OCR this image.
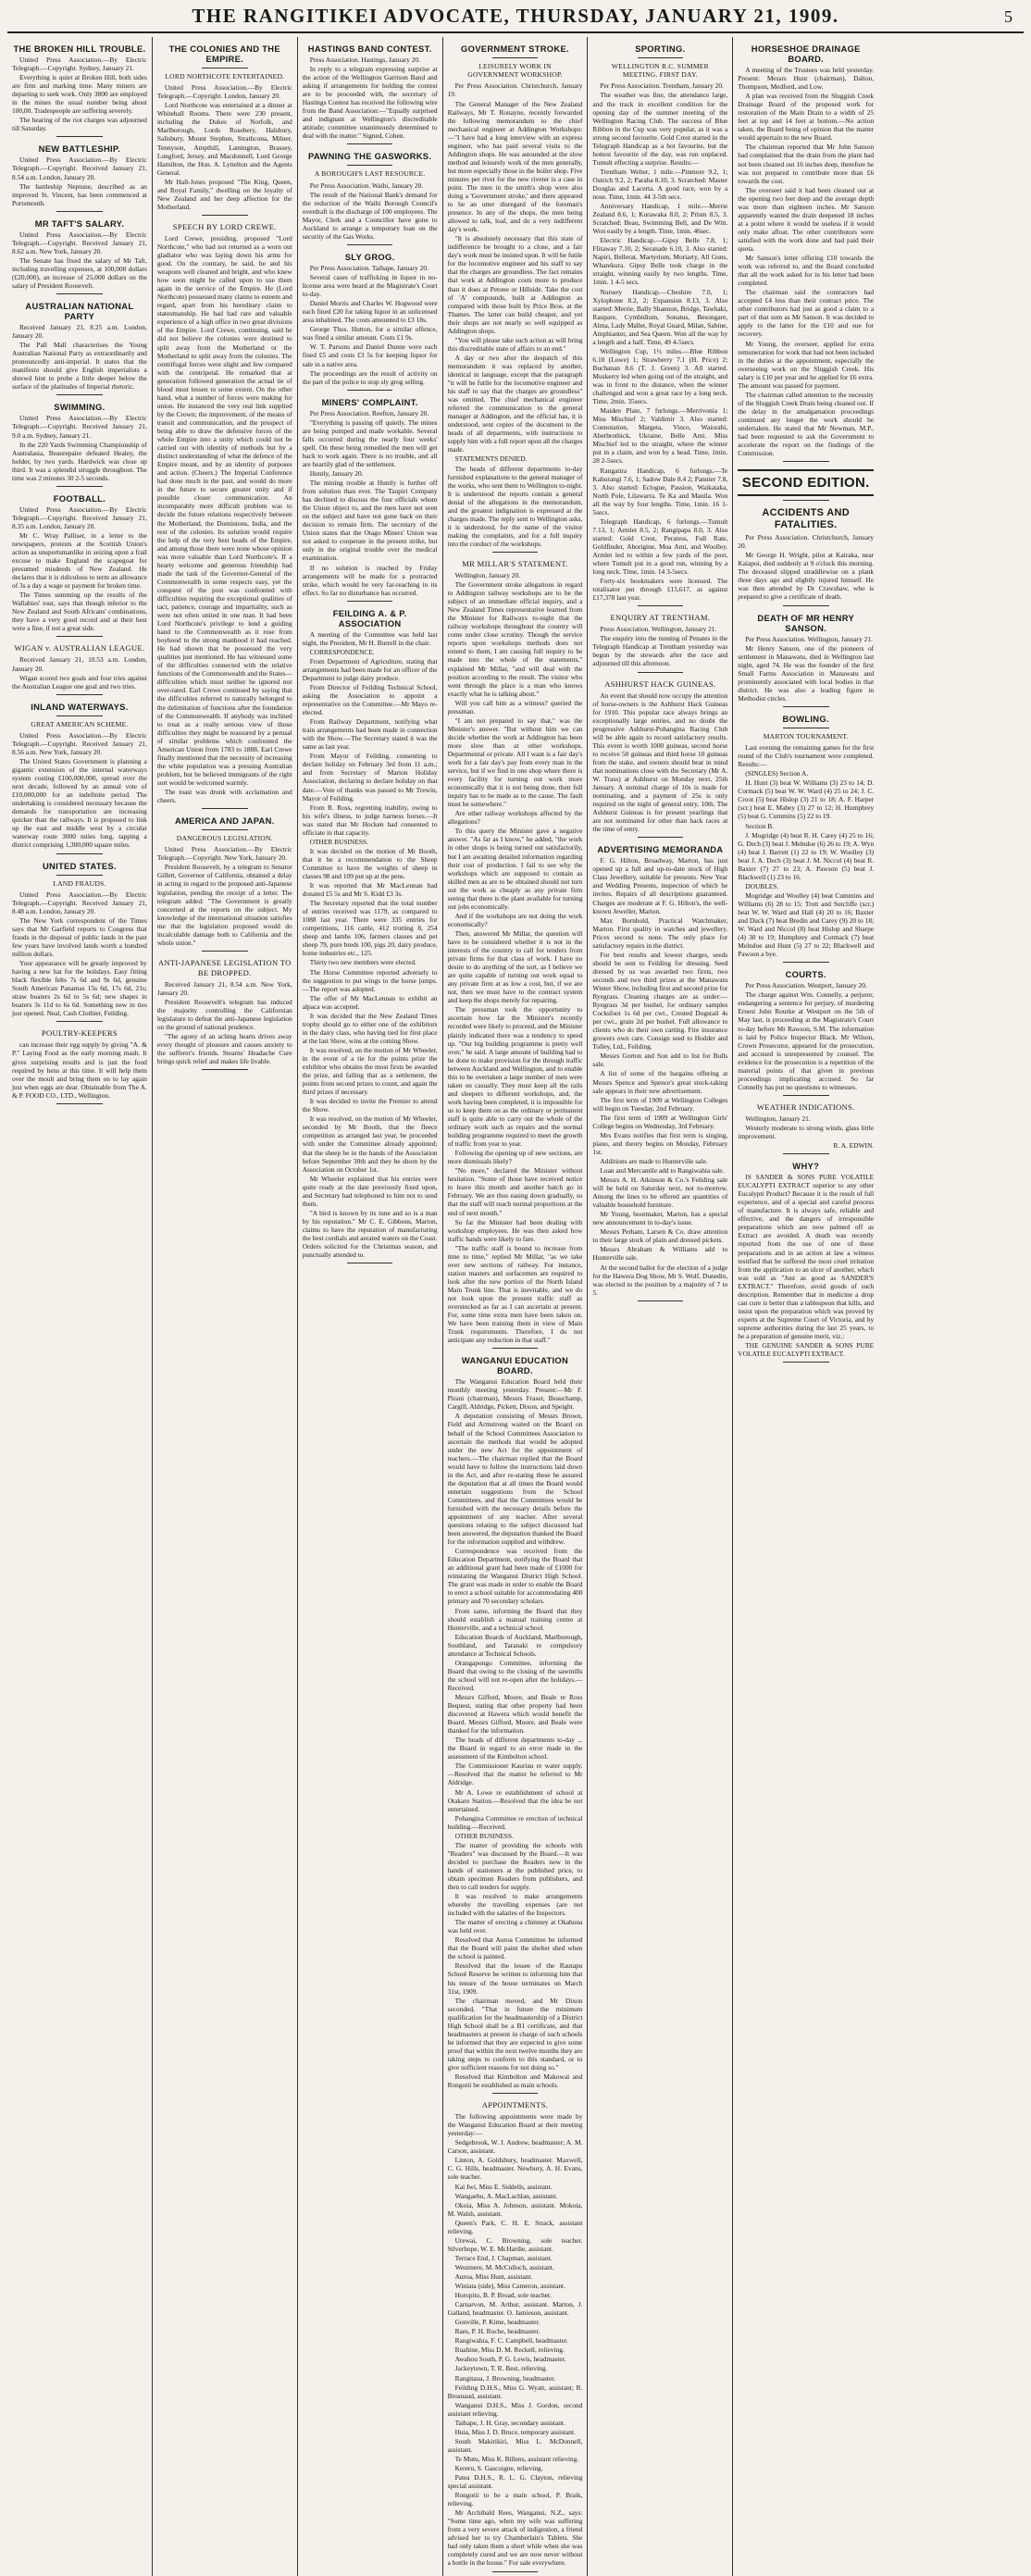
THE RANGITIKEI ADVOCATE, THURSDAY, JANUARY 21, 1909.	5
THE BROKEN HILL TROUBLE.

United Press Association.—By Electric Telegraph.—Copyright. Sydney, January 21.

Everything is quiet at Broken Hill, both sides are firm and marking time. Many miners are departing to seek work. Only 3800 are employed in the mines the usual number being about 100,00. Tradespeople are suffering severely.

The hearing of the riot charges was adjourned till Saturday.

NEW BATTLESHIP.

United Press Association.—By Electric Telegraph.—Copyright. Received January 21, 8.54 a.m. London, January 20.

The battleship Neptune, described as an improved St. Vincent, has been commenced at Portsmouth.

MR TAFT'S SALARY.

United Press Association.—By Electric Telegraph.—Copyright. Received January 21, 8.62 a.m. New York, January 20.

The Senate has fixed the salary of Mr Taft, including travelling expenses, at 100,000 dollars (£20,000), an increase of 25,000 dollars on the salary of President Roosevelt.

AUSTRALIAN NATIONAL PARTY

Received January 21, 8.25 a.m. London, January 20.

The Pall Mall characterises the Young Australian National Party as extraordinarily and pronouncedly anti-imperial. It states that the manifesto should give English imperialists a shrewd hint to probe a little deeper below the surface of the platitudes of Imperial rhetoric.

SWIMMING.

United Press Association.—By Electric Telegraph.—Copyright. Received January 21, 9.0 a.m. Sydney, January 21.

In the 220 Yards Swimming Championship of Australasia, Beaurepaire defeated Healey, the holder, by two yards. Hardwick was close up third. It was a splendid struggle throughout. The time was 2 minutes 30 2-5 seconds.

FOOTBALL.

United Press Association.—By Electric Telegraph.—Copyright. Received January 21, 8.35 a.m. London, January 20.

Mr C. Wray Palliser, in a letter to the newspapers, protests at the Scottish Union's action as unsportsmanlike in seizing upon a frail excuse to make England the scapegoat for presumed misdeeds of New Zealand. He declares that it is ridiculous to term an allowance of 3s a day a wage or payment for broken time.

The Times summing up the results of the Wallabies' tour, says that though inferior to the New Zealand and South Africans' combinations, they have a very good record and at their best were a fine, if not a great side.

WIGAN v. AUSTRALIAN LEAGUE.

Received January 21, 10.53 a.m. London, January 20.

Wigan scored two goals and four tries against the Australian League one goal and two tries.

INLAND WATERWAYS.
GREAT AMERICAN SCHEME.

United Press Association.—By Electric Telegraph.—Copyright. Received January 21, 8.56 a.m. New York, January 20.

The United States Government is planning a gigantic extension of the internal waterways system costing £100,000,000, spread over the next decade, followed by an annual vote of £10,000,000 for an indefinite period. The undertaking is considered necessary because the demands for transportation are increasing quicker than the railways. It is proposed to link up the east and middle west by a circular waterway route 3000 miles long, tapping a district comprising 1,300,000 square miles.

UNITED STATES.
LAND FRAUDS.

United Press Association.—By Electric Telegraph.—Copyright. Received January 21, 8.48 a.m. London, January 20.

The New York correspondent of the Times says that Mr Garfield reports to Congress that frauds in the disposal of public lands in the past few years have involved lands worth a hundred million dollars.

Your appearance will be greatly improved by having a new hat for the holidays. Easy fitting black flexible felts 7s 6d and 9s 6d, genuine South American Panamas 15s 6d, 17s 6d, 21s; straw boaters 2s 6d to 5s 6d; new shapes in boaters 3s 11d to 6s 6d. Something new in ties just opened. Neal, Cash Clothier, Feilding.

POULTRY-KEEPERS

can increase their egg supply by giving "A. & P." Laying Food as the early morning mash. It gives surprising results and is just the food required by hens at this time. It will help them over the moult and bring them on to lay again just when eggs are dear. Obtainable from The A. & P. FOOD CO., LTD., Wellington.

THE COLONIES AND THE EMPIRE.
LORD NORTHCOTE ENTERTAINED.

United Press Association.—By Electric Telegraph.—Copyright. London, January 20.

Lord Northcote was entertained at a dinner at Whitehall Rooms. There were 230 present, including the Dukes of Norfolk, and Marlborough, Lords Rosebery, Halsbury, Salisbury, Mount Stephen, Strathcona, Milner, Tennyson, Ampthill, Lamington, Brassey, Longford, Jersey, and Macdonnell, Lord George Hamilton, the Hon. A. Lyttelton and the Agents General.

Mr Hall-Jones proposed "The King, Queen, and Royal Family," dwelling on the loyalty of New Zealand and her deep affection for the Motherland.

SPEECH BY LORD CREWE.

Lord Crewe, presiding, proposed "Lord Northcote," who had not returned as a worn out gladiator who was laying down his arms for good. On the contrary, he said, he and his weapons well cleaned and bright, and who knew how soon might be called upon to use them again in the service of the Empire. He (Lord Northcote) possessed many claims to esteem and regard, apart from his hereditary claim to statesmanship. He had had rare and valuable experience of a high office in two great divisions of the Empire. Lord Crewe, continuing, said he did not believe the colonies were destined to split away from the Motherland or the Motherland to split away from the colonies. The centrifugal forces were slight and few compared with the centripetal. He remarked that at generation followed generation the actual tie of blood must lessen to some extent. On the other hand, what a number of forces were making for union. He instanced the very real link supplied by the Crown; the improvement, of the means of transit and communication, and the prospect of being able to draw the defensive forces of the whole Empire into a unity which could not be carried out with identity of methods but by a distinct understanding of what the defence of the Empire meant, and by an identity of purposes and action. (Cheers.) The Imperial Conference had done much in the past, and would do more in the future to secure greater unity and if possible closer communication. An incomparably more difficult problem was to decide the future relations respectively between the Motherland, the Dominions, India, and the rest of the colonies. Its solution would require the help of the very best heads of the Empire, and among those there were none whose opinion was more valuable than Lord Northcote's. If a hearty welcome and generous friendship had made the task of the Governor-General of the Commonwealth in some respects easy, yet the conquest of the post was confronted with difficulties requiring the exceptional qualities of tact, patience, courage and impartiality, such as were not often united in one man. It had been Lord Northcote's privilege to lend a guiding hand to the Commonwealth as it rose from boyhood to the strong manhood it had reached. He had shown that he possessed the very qualities just mentioned. He has witnessed some of the difficulties connected with the relative functions of the Commonwealth and the States—difficulties which must neither be ignored nor over-rated. Earl Crewe continued by saying that the difficulties referred to naturally belonged to the delimitation of functions after the foundation of the Commonwealth. If anybody was inclined to treat as a really serious view of those difficulties they might be reassured by a perusal of similar problems which confronted the American Union from 1783 to 1888. Earl Crewe finally mentioned that the necessity of increasing the white population was a pressing Australian problem, but he believed immigrants of the right sort would be welcomed warmly.

The toast was drunk with acclamation and cheers.

AMERICA AND JAPAN.
DANGEROUS LEGISLATION.

United Press Association.—By Electric Telegraph.—Copyright. New York, January 20.

President Roosevelt, by a telegram to Senator Gillett, Governor of California, obtained a delay in acting in regard to the proposed anti-Japanese legislation, pending the receipt of a letter. The telegram added: "The Government is greatly concerned at the reports on the subject. My knowledge of the international situation satisfies me that the legislation proposed would do incalculable damage both to California and the whole union."

ANTI-JAPANESE LEGISLATION TO BE DROPPED.

Received January 21, 8.54 a.m. New York, January 20.

President Roosevelt's telegram has induced the majority controlling the Californian legislature to defeat the anti-Japanese legislation on the ground of national prudence.

"The agony of an aching hearts drives away every thought of pleasure and causes anxiety to the sufferer's friends. Stearns' Headache Cure brings quick relief and makes life livable.

HASTINGS BAND CONTEST.

Press Association. Hastings, January 20.

In reply to a telegram expressing surprise at the action of the Wellington Garrison Band and asking if arrangements for holding the contest are to be proceeded with, the secretary of Hastings Contest has received the following wire from the Band Association:—"Equally surprised and indignant at Wellington's discreditable attitude; committee unanimously determined to deal with the matter." Signed, Cohen.

PAWNING THE GASWORKS.
A BOROUGH'S LAST RESOURCE.

Per Press Association. Waihi, January 20.

The result of the National Bank's demand for the reduction of the Waihi Borough Council's overdraft is the discharge of 100 employees. The Mayor, Clerk and a Councillor have gone to Auckland to arrange a temporary loan on the security of the Gas Works.

SLY GROG.

Per Press Association. Taihape, January 20.

Several cases of trafficking in liquor in no-license area were heard at the Magistrate's Court to-day.

Daniel Morris and Charles W. Hogwood were each fined £20 for taking liquor in an unlicensed area inhabited. The costs amounted to £3 18s.

George Thos. Hutton, for a similar offence, was fined a similar amount. Costs £1 9s.

W. T. Parsons and Daniel Dunne were each fined £5 and costs £3 5s for keeping liquor for sale in a native area.

The proceedings are the result of activity on the part of the police to stop sly grog selling.

MINERS' COMPLAINT.

Per Press Association. Reefton, January 20.

"Everything is passing off quietly. The mines are being pumped and made workable. Several falls occurred during the nearly four weeks' spell. On these being remedied the men will get back to work again. There is no trouble, and all are heartily glad of the settlement.

Huntly, January 20.

The mining trouble at Huntly is further off from solution than ever. The Taupiri Company has declined to discuss the four officials whom the Union object to, and the men have not seen on the subject and have not gone back on their decision to remain firm. The secretary of the Union states that the Otago Miners' Union was not asked to cooperate in the present strike, but only in the original trouble over the medical examination.

If no solution is reached by Friday arrangements will be made for a protracted strike, which would be very far-reaching in its effect. So far no disturbance has occurred.

FEILDING A. & P. ASSOCIATION

A meeting of the Committee was held last night, the President, Mr H. Burrell in the chair.

CORRESPONDENCE.

From Department of Agriculture, stating that arrangements had been made for an officer of the Department to judge dairy produce.

From Director of Feilding Technical School, asking the Association to appoint a representative on the Committee.—Mr Mayo re-elected.

From Railway Department, notifying what train arrangements had been made in connection with the Show.—The Secretary stated it was the same as last year.

From Mayor of Feilding, consenting to declare holiday on February 3rd from 11 a.m.; and from Secretary of Marton Holiday Association, declaring to declare holiday on that date.—Vote of thanks was passed to Mr Trewin, Mayor of Feilding.

From R. Ross, regretting inability, owing to his wife's illness, to judge harness horses.—It was stated that Mr Hocken had consented to officiate in that capacity.

OTHER BUSINESS.

It was decided on the motion of Mr Booth, that it be a recommendation to the Sheep Committee to have the weights of sheep in classes 98 and 109 put up at the pens.

It was reported that Mr MacLennan had donated £5 5s and Mr S. Kidd £3 3s.

The Secretary reported that the total number of entries received was 1179, as compared to 1088 last year. There were 335 entries for competitions, 116 cattle, 412 trotting 8, 254 sheep and lambs 106, farmers classes and pet sheep 79, pure breds 100, pigs 20, dairy produce, home industries etc., 125.

Thirty two new members were elected.

The Horse Committee reported adversely to the suggestion to put wings to the horse jumps.—The report was adopted.

The offer of Mr MacLennan to exhibit an alpaca was accepted.

It was decided that the New Zealand Times trophy should go to either one of the exhibitors in the dairy class, who having tied for first place at the last Show, wins at the coming Show.

It was resolved, on the motion of Mr Wheeler, in the event of a tie for the points prize the exhibitor who obtains the most firsts be awarded the prize, and failing that as a settlement, the points from second prizes to count, and again the third prizes if necessary.

It was decided to invite the Premier to attend the Show.

It was resolved, on the motion of Mr Wheeler, seconded by Mr Booth, that the fleece competition as arranged last year, be proceeded with under the Committee already appointed; that the sheep be in the hands of the Association before September 30th and they be shorn by the Association on October 1st.

Mr Wheeler explained that his entries were quite ready at the date previously fixed upon, and Secretary had telephoned to him not to send them.

"A bird is known by its tune and so is a man by his reputation." Mr C. E. Gibbons, Marton, claims to have the reputation of manufacturing the best cordials and aerated waters on the Coast. Orders solicited for the Christmas season, and punctually attended to.

GOVERNMENT STROKE.
LEISURELY WORK IN GOVERNMENT WORKSHOP.

Per Press Association. Christchurch, January 19.

The General Manager of the New Zealand Railways, Mr T. Ronayne, recently forwarded the following memorandum to the chief mechanical engineer at Addington Workshops:—"I have had a long interview with an express engineer, who has paid several visits to the Addington shops. He was astounded at the slow method and leisurely work of the men generally, but more especially those in the boiler shop. Five minutes per rivet for the new riveter is a case in point. The men in the smith's shop were also doing a 'Government stroke,' and there appeared to be an utter disregard of the foreman's presence. In any of the shops, the men being allowed to talk, loaf, and do a very indifferent day's work.

"It is absolutely necessary that this state of indifference be brought to a close, and a fair day's work must be insisted upon. It will be futile for the locomotive engineer and his staff to say that the charges are groundless. The fact remains that work at Addington costs more to produce than it does at Petone or Hillside. Take the cost of 'A' compounds, built at Addington as compared with those built by Price Bros. at the Thames. The latter can build cheaper, and yet their shops are not nearly so well equipped as Addington shops.

"You will please take such action as will bring this discreditable state of affairs to an end."

A day or two after the despatch of this memorandum it was replaced by another, identical in language, except that the paragraph "it will be futile for the locomotive engineer and his staff to say that the charges are groundless" was omitted. The chief mechanical engineer referred the communication to the general manager at Addington, and the official has, it is understood, sent copies of the document to the heads of all departments, with instructions to supply him with a full report upon all the charges made.

STATEMENTS DENIED.

The heads of different departments to-day furnished explanations to the general manager of the works, who sent them to Wellington to-night. It is understood the reports contain a general denial of the allegations in the memorandum, and the greatest indignation is expressed at the charges made. The reply sent to Wellington asks, it is understood, for the name of the visitor making the complaints, and for a full inquiry into the conduct of the workshops.

MR MILLAR'S STATEMENT.

Wellington, January 20.

The Government stroke allegations in regard to Addington railway workshops are to be the subject of an immediate official inquiry, and a New Zealand Times representative learned from the Minister for Railways to-night that the railway workshops throughout the country will come under close scrutiny. Though the service reports upon workshops methods does not extend to them, I am causing full inquiry to be made into the whole of the statements," explained Mr Millar, "and will deal with the position according to the result. The visitor who went through the place is a man who knows exactly what he is talking about."

Will you call him as a witness? queried the pressman.

"I am not prepared to say that," was the Minister's answer. "But without him we can decide whether the work at Addington has been more slow than at other workshops. Departmental or private. All I want is a fair day's work for a fair day's pay from every man in the service, but if we find in one shop where there is every facility for turning out work more economically that it is not being done, then full inquiry has to be made as to the cause. The fault must be somewhere."

Are other railway workshops affected by the allegations?

To this query the Minister gave a negative answer. "As far as I know," he added, "the work in other shops is being turned out satisfactorily, but I am awaiting detailed information regarding their cost of production. I fail to see why the workshops which are supposed to contain as skilled men as are to be obtained should not turn out the work as cheaply as any private firm seeing that there is the plant available for turning out jobs economically.

And if the workshops are not doing the work economically?

Then, answered Mr Millar, the question will have to be considered whether it is not in the interests of the country to call for tenders from private firms for that class of work. I have no desire to do anything of the sort, as I believe we are quite capable of turning out work equal to any private firm at as low a cost, but, if we are not, then we must have to the contract system and keep the shops merely for repairing.

The pressman took the opportunity to ascertain how far the Minister's recently recorded were likely to proceed, and the Minister plainly indicated there was a tendency to speed up. "Our big building programme is pretty well over," he said. A large amount of building had to be done to make provision for the through traffic between Auckland and Wellington, and to enable this to be overtaken a large number of men were taken on casually. They must keep all the rails and sleepers to different workshops, and, the work having been completed, it is impossible for us to keep them on as the ordinary or permanent staff is quite able to carry out the whole of the ordinary work such as repairs and the normal building programme required to meet the growth of traffic from year to year.

Following the opening up of new sections, are more dismissals likely?

"No more," declared the Minister without hesitation. "Some of those have received notice to leave this month and another batch go in February. We are thus easing down gradually, so that the staff will reach normal proportions at the end of next month."

So far the Minister had been dealing with workshop employees. He was then asked how traffic hands were likely to fare.

"The traffic staff is bound to increase from time to time," replied Mr Millar, "as we take over new sections of railway. For instance, station masters and surfacemen are required to look after the new portion of the North Island Main Trunk line. That is inevitable, and we do not look upon the present traffic staff as overstocked as far as I can ascertain at present. For, some time extra men have been taken on. We have been training them in view of Main Trunk requirements. Therefore, I do not anticipate any reduction in that staff."

WANGANUI EDUCATION BOARD.

The Wanganui Education Board held their monthly meeting yesterday. Present:—Mr F. Pirani (chairman), Messrs Fraser, Beauchamp, Cargill, Aldridge, Pickett, Dixon, and Speight.

A deputation consisting of Messrs Brown, Field and Armstrong waited on the Board on behalf of the School Committees Association to ascertain the methods that would be adopted under the new Act for the appointment of teachers.—The chairman replied that the Board would have to follow the instructions laid down in the Act, and after re-stating these he assured the deputation that at all times the Board would entertain suggestions from the School Committees, and that the Committees would be furnished with the necessary details before the appointment of any teacher. After several questions relating to the subject discussed had been answered, the deputation thanked the Board for the information supplied and withdrew.

Correspondence was received from the Education Department, notifying the Board that an additional grant had been made of £1000 for reinstating the Wanganui District High School. The grant was made in order to enable the Board to erect a school suitable for accommodating 400 primary and 70 secondary scholars.

From same, informing the Board that they should establish a manual training centre at Hunterville, and a technical school.

Education Boards of Auckland, Marlborough, Southland, and Taranaki re compulsory attendance at Technical Schools.

Orangapongo Committee, informing the Board that owing to the closing of the sawmills the school will not re-open after the holidays.—Received.

Messrs Gifford, Moore, and Beale re Ross Bequest, stating that other property had been discovered at Hawera which would benefit the Board. Messrs Gifford, Moore, and Beale were thanked for the information.

The heads of different departments to-day ... the Board in regard to an error made in the assessment of the Kimbolton school.

The Commissioner Kauriau re water supply.—Resolved that the matter be referred to Mr Aldridge.

Mr A. Lowe re establishment of school at Otakaro Station.—Resolved that the idea be not entertained.

Pohangina Committee re erection of technical building.—Received.

OTHER BUSINESS.

The matter of providing the schools with "Readers" was discussed by the Board.—It was decided to purchase the Readers now in the hands of stationers at the published price, to obtain specimen Readers from publishers, and then to call tenders for supply.

It was resolved to make arrangements whereby the travelling expenses (are not included with the salaries of the Inspectors.

The matter of erecting a chimney at Okahuna was held over.

Resolved that Auroa Committee be informed that the Board will paint the shelter shed when the school is painted.

Resolved that the lessee of the Rautapu School Reserve be written to informing him that his tenure of the house terminates on March 31st, 1909.

The chairman moved, and Mr Dixon seconded, "That in future the minimum qualification for the headmastership of a District High School shall be a B1 certificate, and that headmasters at present in charge of such schools be informed that they are expected to give some proof that within the next twelve months they are taking steps to conform to this standard, or to give sufficient reasons for not doing so."

Resolved that Kimbolton and Makowai and Rongotii be established as main schools.

APPOINTMENTS.

The following appointments were made by the Wanganui Education Board at their meeting yesterday:—

Sedgebrook, W. J. Andrew, headmaster; A. M. Carson, assistant.

Linton, A. Goldsbury, headmaster. Maxwell, C. G. Hills, headmaster. Newbury, A. H. Evans, sole teacher.

Kai Iwi, Miss E. Siddells, assistant.

Wangaehu, A. MacLachlan, assistant.

Okoia, Miss A. Johnson, assistant. Mokoia, M. Walsh, assistant.

Queen's Park, C. H. E. Strack, assistant relieving.

Urewai, C. Browning, sole teacher. Silverhope, W. E. McHardie, assistant.

Terrace End, J. Chapman, assistant.

Westmere, M. McCulloch, assistant.

Auroa, Miss Hunt, assistant.

Winiata (side), Miss Cameron, assistant.

Horopito, B. P. Broad, sole teacher.

Carnarvon, M. Arthur, assistant. Marton, J. Galland, headmaster. O. Jamieson, assistant.

Gonville, P. Kime, headmaster.

Raes, P. H. Roche, headmaster.

Rangiwahia, F. C. Campbell, headmaster.

Ruahine, Miss D. M. Reckell, relieving.

Awahou South, P. G. Lewis, headmaster.

Jackeytown, T. R. Best, relieving.

Rangitaua, J. Browning, headmaster.

Feilding D.H.S., Miss G. Wyatt, assistant; R. Brosnaud, assistant.

Wanganui D.H.S., Miss J. Gordon, second assistant relieving.

Taihape, J. H. Gray, secondary assistant.

Huia, Miss J. D. Bruce, temporary assistant.

South Makirikiri, Miss L. McDonnell, assistant.

Te Mutu, Miss K. Billens, assistant relieving.

Kereru, S. Gascoigne, relieving.

Patea D.H.S., R. L. G. Clayton, relieving special assistant.

Rongotii to be a main school, P. Braik, relieving.

Mr Archibald Rees, Wanganui, N.Z., says: "Some time ago, when my wife was suffering from a very severe attack of indigestion, a friend advised her to try Chamberlain's Tablets. She had only taken them a short while when she was completely cured and we are now never without a bottle in the house." For sale everywhere.

SPORTING.
WELLINGTON R.C. SUMMER MEETING. FIRST DAY.

Per Press Association. Trentham, January 20.

The weather was fine, the attendance large, and the track in excellent condition for the opening day of the summer meeting of the Wellington Racing Club. The success of Blue Ribbon in the Cup was very popular, as it was a strong second favourite. Gold Crest started in the Telegraph Handicap as a hot favourite, but the hottest favourite of the day, was run unplaced. Tumult effecting a surprise. Results:—

Trentham Welter, 1 mile.—Pinmore 9.2, 1; Ostrich 9.2, 2; Paraha 8.10, 3. Scratched: Master Douglas and Lacerta. A good race, won by a nose. Time, 1min. 44 3-5th secs.

Anniversary Handicap, 1 mile.—Merrie Zealand 8.6, 1; Kurawaka 8.0, 2; Prism 8.5, 3. Scratched: Beau, Swimming Bell, and De Witt. Won easily by a length. Time, 1min. 46sec.

Electric Handicap.—Gipsy Belle 7.8, 1; Flitaway 7.10, 2; Seranade 6.10, 3. Also started: Napiri, Bellerat, Martyrium, Moriarty, All Guns, Wharekura. Gipsy Belle took charge in the straight, winning easily by two lengths. Time, 1min. 1 4-5 secs.

Nursery Handicap.—Cheshire 7.0, 1; Xylophone 8.2, 2; Expansion 8.13, 3. Also started: Merrie, Bally Shannon, Bridge, Tawhaki, Raupare, Cymbidium, Sonatus, Besongare, Alma, Lady Mallet, Royal Guard, Milan, Sabine, Amphianter, and Sea Queen. Won all the way by a length and a half. Time, 49 4-5secs.

Wellington Cup, 1½ miles.—Blue Ribbon 6.10 (Lowe) 1; Strawberry 7.1 (H. Price) 2; Buchanan 8.6 (T. J. Green) 3. All started. Muskerry led when going out of the straight, and was in front to the distance, when the winner challenged and won a great race by a long neck. Time, 2min. 35secs.

Maiden Plate, 7 furlongs.—Merrivonia 1; Miss Mischief 2; Valdimir 3. Also started: Connotation, Margeta, Vinco, Waiorahi, Aberbrothick, Ukraine, Belle Ami. Miss Mischief led to the straight, where the winner put in a claim, and won by a head. Time, 1min. 28 2-5secs.

Rangatira Handicap, 6 furlongs.—Te Kahurangi 7.6, 1; Sadow Dale 8.4 2; Pannier 7.8, 3. Also started: Eclogue, Passion, Waikataka, North Pole, Lilawarra. Te Ka and Manila. Won all the way by four lengths. Time, 1min. 16 1-5secs.

Telegraph Handicap, 6 furlongs.—Tumult 7.13, 1; Armlet 8.5, 2; Rangipapa 8.0, 3. Also started: Gold Crest, Peratess, Full Rate, Goldfinder, Aborigine, Moa Ami, and Woolley. Armlet led to within a few yards of the post, where Tumult put in a good run, winning by a long neck. Time, 1min. 14 3-5secs.

Forty-six bookmakers were licensed. The totalisator put through £15,617, as against £17,378 last year.

ENQUIRY AT TRENTHAM.

Press Association. Wellington, January 21.

The enquiry into the running of Penates in the Telegraph Handicap at Trentham yesterday was begun by the stewards after the race and adjourned till this afternoon.

ASHHURST HACK GUINEAS.

An event that should now occupy the attention of horse-owners is the Ashhurst Hack Guineas for 1910. This popular race always brings an exceptionally large entries, and no doubt the progressive Ashhurst-Pohangina Racing Club will be able again to record satisfactory results. This event is worth 1000 guineas, second horse to receive 50 guineas and third horse 10 guineas from the stake, and owners should bear in mind that nominations close with the Secretary (Mr A. W. Trass) at Ashhurst on Monday next, 25th January. A nominal charge of 10s is made for nominating, and a payment of 25s is only required on the night of general entry, 10th. The Ashhurst Guineas is for present yearlings that are not nominated for other than hack races at the time of entry.

ADVERTISING MEMORANDA

F. G. Hilton, Broadway, Marton, has just opened up a full and up-to-date stock of High Class Jewellery, suitable for presents. New Year and Wedding Presents, inspection of which he invites. Repairs of all descriptions guaranteed. Charges are moderate at F. G. Hilton's, the well-known Jeweller, Marton.

Max Bornhold, Practical Watchmaker, Marton. First quality in watches and jewellery. Prices second to none. The only place for satisfactory repairs in the district.

For best results and lowest charges, seeds should be sent to Feilding for dressing. Seed dressed by us was awarded two firsts, two seconds and two third prizes at the Manawatu Winter Show, including first and second prize for Ryegrass. Cleaning charges are as under:—Ryegrass 3d per bushel, for ordinary samples Cocksfoot 1s 6d per cwt., Crested Dogstail 4s per cwt., grain 2d per bushel. Full allowance to clients who do their own carting. Fire insurance growers own care. Consign seed to Hodder and Tolley, Ltd., Feilding.

Messrs Gorton and Son add to list for Bulls sale.

A list of some of the bargains offering at Messrs Spence and Spence's great stock-taking sale appears in their new advertisement.

The first term of 1909 at Wellington Colleges will begin on Tuesday, 2nd February.

The first term of 1909 at Wellington Girls' College begins on Wednesday, 3rd February.

Mrs Evans notifies that first term is singing, piano, and theory begins on Monday, February 1st.

Additions are made to Hunterville sale.

Loan and Mercantile add to Rangiwahia sale.

Messrs A. H. Atkinson & Co.'s Feilding sale will be held on Saturday next, not to-morrow. Among the lines to be offered are quantities of valuable household furniture.

Mr Young, bootmaker, Marton, has a special new announcement in to-day's issue.

Messrs Perham, Larsen & Co. draw attention to their large stock of plain and dressed pickets.

Messrs Abraham & Williams add to Hunterville sale.

At the second ballot for the election of a judge for the Hawera Dog Show, Mr S. Wolf, Dunedin, was elected to the position by a majority of 7 to 5.

HORSESHOE DRAINAGE BOARD.

A meeting of the Trustees was held yesterday. Present: Messrs Hunt (chairman), Dalton, Thompson, Medford, and Low.

A plan was received from the Sluggish Creek Drainage Board of the proposed work for restoration of the Main Drain to a width of 25 feet at top and 14 feet at bottom.—No action taken, the Board being of opinion that the matter would appertain to the new Board.

The chairman reported that Mr John Sanson had complained that the drain from the plant had not been cleaned out 16 inches deep, therefore he was not prepared to contribute more than £6 towards the cost.

The overseer said it had been cleaned out at the opening two feet deep and the average depth was more than eighteen inches. Mr Sanson apparently wanted the drain deepened 18 inches at a point where it would be useless if it would only make afloat. The other contributors were satisfied with the work done and had paid their quota.

Mr Sanson's letter offering £10 towards the work was referred to, and the Board concluded that all the work asked for in his letter had been completed.

The chairman said the contractors had accepted £4 less than their contract price. The other contributors had just as good a claim to a part of that sum as Mr Sanson. It was decided to apply to the latter for the £10 and sue for recovery.

Mr Young, the overseer, applied for extra remuneration for work that had not been included in the duties at the appointment, especially the overseeing work on the Sluggish Creek. His salary is £10 per year and he applied for £6 extra. The amount was passed for payment.

The chairman called attention to the necessity of the Sluggish Creek Drain being cleaned out. If the delay in the amalgamation proceedings continued any longer the work should be undertaken. He stated that Mr Newman, M.P., had been requested to ask the Government to accelerate the report on the findings of the Commission.

SECOND EDITION.
ACCIDENTS AND FATALITIES.

Per Press Association. Christchurch, January 20.

Mr George H. Wright, pilot at Kairaka, near Kaiapoi, died suddenly at 9 o'clock this morning. The deceased slipped straddlewise on a plank three days ago and slightly injured himself. He was then attended by Dr Crawshaw, who is prepared to give a certificate of death.

DEATH OF MR HENRY SANSON.

Per Press Association. Wellington, January 21.

Mr Henry Sanson, one of the pioneers of settlement in Manawatu, died in Wellington last night, aged 74. He was the founder of the first Small Farms Association in Manawatu and prominently associated with local bodies in that district. He was also a leading figure in Methodist circles.

BOWLING.
MARTON TOURNAMENT.

Last evening the remaining games for the first round of the Club's tournament were completed. Results:—

(SINGLES) Section A.

H. Hunt (3) beat W. Williams (3) 23 to 14; D. Cormack (5) beat W. W. Ward (4) 25 to 24; J. C. Croot (5) beat Hislop (3) 21 to 18; A. F. Harper (scr.) beat E. Mabey (3) 27 to 12; H. Humphrey (5) beat G. Cummins (5) 22 to 19.

Section B.

J. Mogridge (4) beat R. H. Carey (4) 25 to 16; G. Dech (3) beat J. Melndoe (6) 26 to 19; A. Wyn (4) beat J. Barrett (1) 22 to 19; W. Woolley (3) beat J. A. Dech (3) beat J. M. Niccol (4) beat R. Baxter (7) 27 to 23; A. Pawson (5) beat J. Blackwell (1) 23 to 16.

DOUBLES.

Mogridge and Woolley (4) beat Cummins and Williams (6) 28 to 15; Trott and Sutcliffe (scr.) beat W. W. Ward and Hall (4) 20 to 16; Baxter and Duck (7) beat Bredin and Carey (9) 20 to 18; W. Ward and Niccol (8) beat Hislop and Sharpe (4) 30 to 19; Humphrey and Cormack (7) beat Melndoe and Hunt (5) 27 to 22; Blackwell and Pawson a bye.

COURTS.

Per Press Association. Westport, January 20.

The charge against Wm. Connelly, a perjurer, endangering a sentence for perjury, of murdering Ernest John Rourke at Westport on the 5th of May last, is proceeding at the Magistrate's Court to-day before Mr Rawson, S.M. The information is laid by Police Inspector Black. Mr Wilson, Crown Prosecutor, appeared for the prosecution, and accused is unrepresented by counsel. The evidence for the prosecution is a repetition of the material points of that given in previous proceedings implicating accused. So far Connelly has put no questions to witnesses.

WEATHER INDICATIONS.

Wellington, January 21.

Westerly moderate to strong winds, glass little improvement.

R. A. EDWIN.
WHY?

IS SANDER & SONS PURE VOLATILE EUCALYPTI EXTRACT superior to any other Eucalypti Product? Because it is the result of full experience, and of a special and careful process of manufacture. It is always safe, reliable and effective, and the dangers of irresponsible preparations which are now palmed off as Extract are avoided. A death was recently reported from the use of one of these preparations and in an action at law a witness testified that he suffered the most cruel irritation from the application to an ulcer of another, which was sold as "Just as good as SANDER'S EXTRACT." Therefore, avoid goods of such description. Remember that in medicine a drop can cure is better than a tablespoon that kills, and insist upon the preparation which was proved by experts at the Supreme Court of Victoria, and by supreme authorities during the last 25 years, to be a preparation of genuine merit, viz.:

THE GENUINE SANDER & SONS PURE VOLATILE EUCALYPTI EXTRACT.
